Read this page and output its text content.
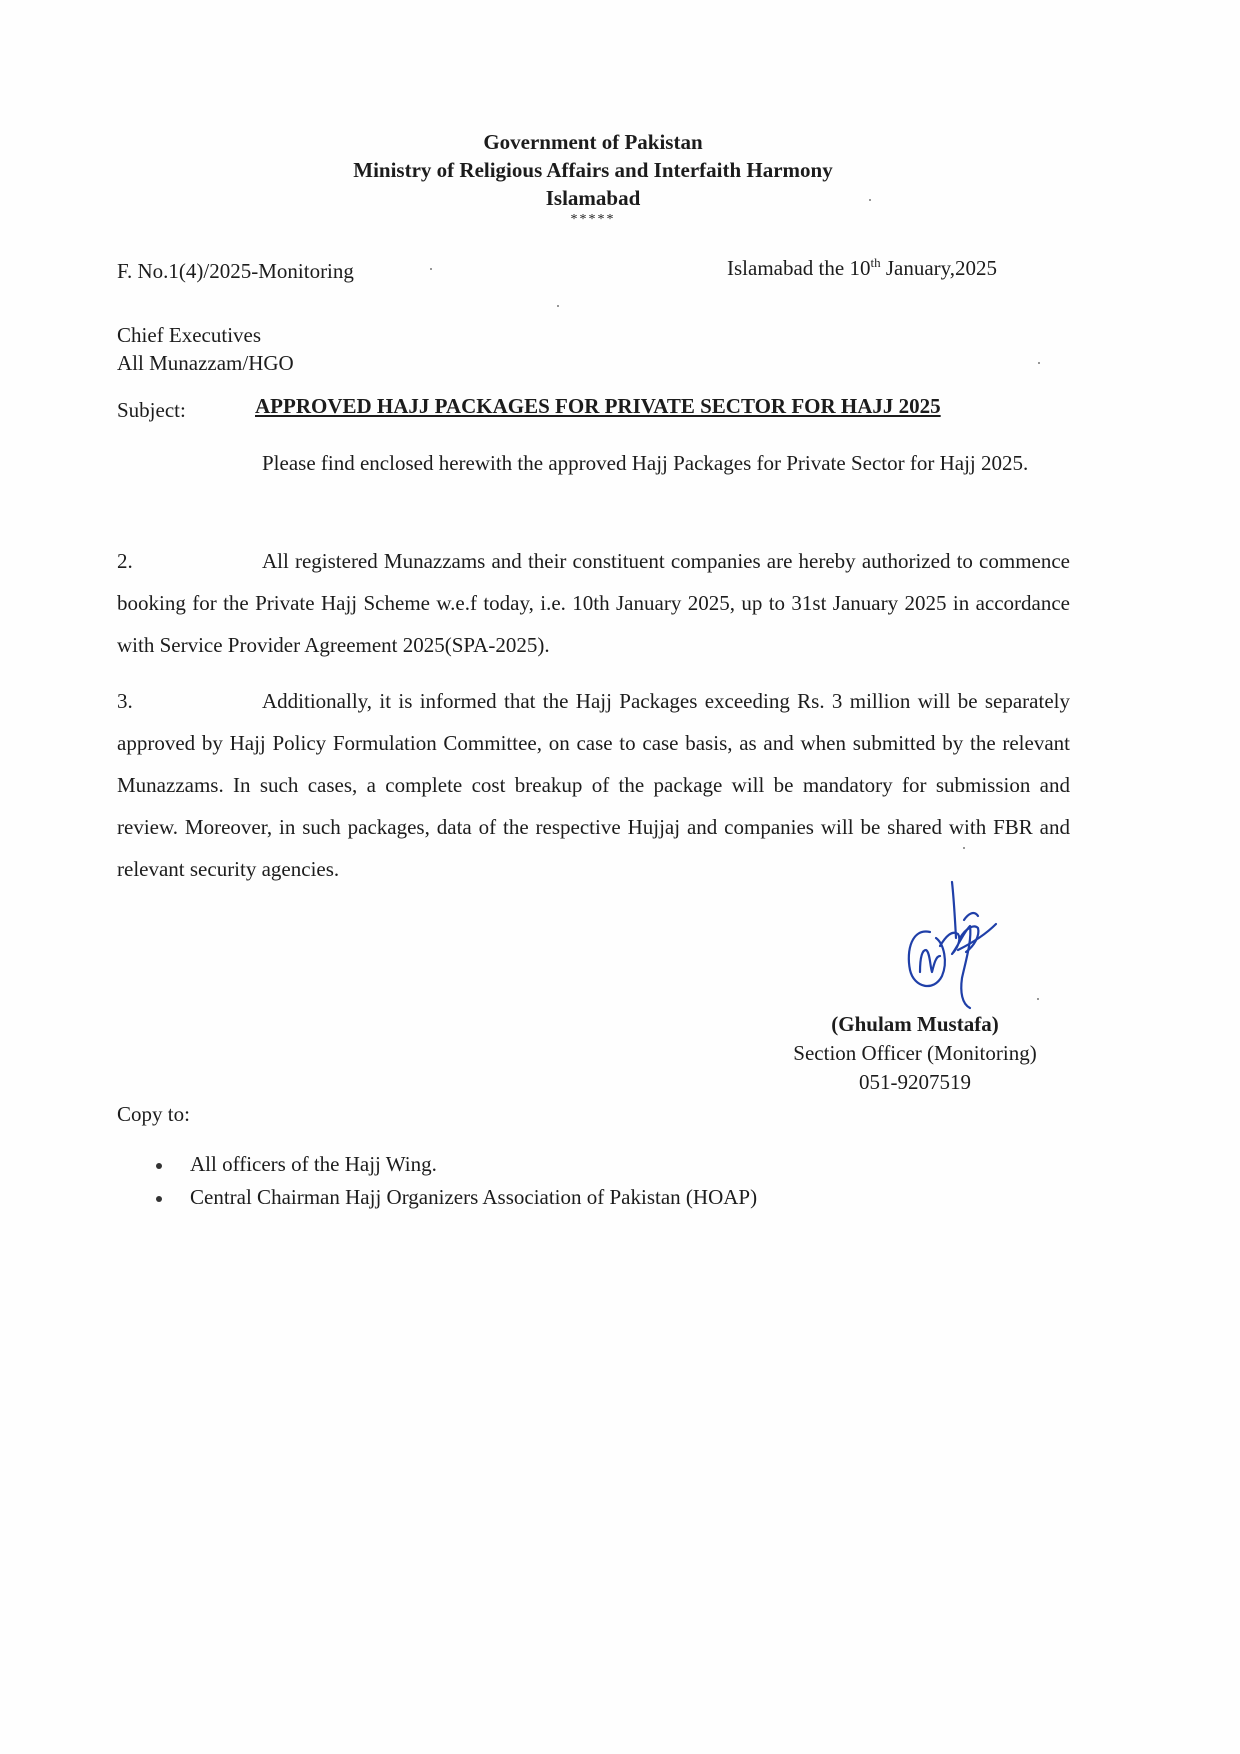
Government of Pakistan
Ministry of Religious Affairs and Interfaith Harmony
Islamabad
*****
F. No.1(4)/2025-Monitoring	Islamabad the 10th January,2025
Chief Executives
All Munazzam/HGO
Subject:	APPROVED HAJJ PACKAGES FOR PRIVATE SECTOR FOR HAJJ 2025
Please find enclosed herewith the approved Hajj Packages for Private Sector for Hajj 2025.
2.	All registered Munazzams and their constituent companies are hereby authorized to commence booking for the Private Hajj Scheme w.e.f today, i.e. 10th January 2025, up to 31st January 2025 in accordance with Service Provider Agreement 2025(SPA-2025).
3.	Additionally, it is informed that the Hajj Packages exceeding Rs. 3 million will be separately approved by Hajj Policy Formulation Committee, on case to case basis, as and when submitted by the relevant Munazzams. In such cases, a complete cost breakup of the package will be mandatory for submission and review. Moreover, in such packages, data of the respective Hujjaj and companies will be shared with FBR and relevant security agencies.
(Ghulam Mustafa)
Section Officer (Monitoring)
051-9207519
Copy to:
All officers of the Hajj Wing.
Central Chairman Hajj Organizers Association of Pakistan (HOAP)
